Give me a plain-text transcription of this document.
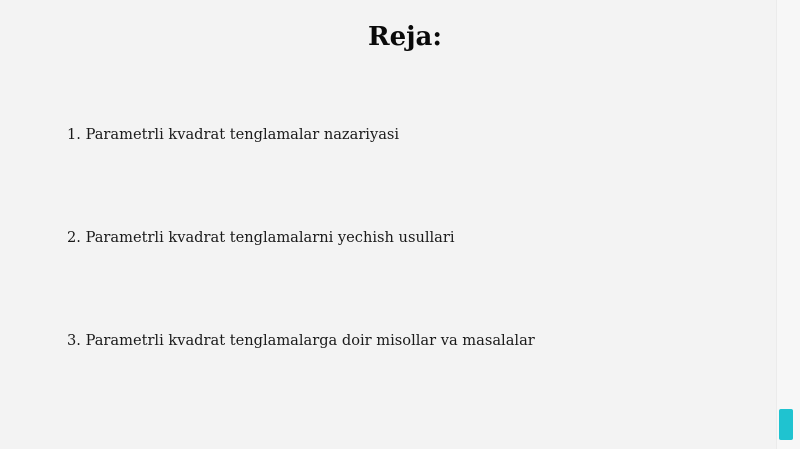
Reja:
1. Parametrli kvadrat tenglamalar nazariyasi
2. Parametrli kvadrat tenglamalarni yechish usullari
3. Parametrli kvadrat tenglamalarga doir misollar va masalalar
